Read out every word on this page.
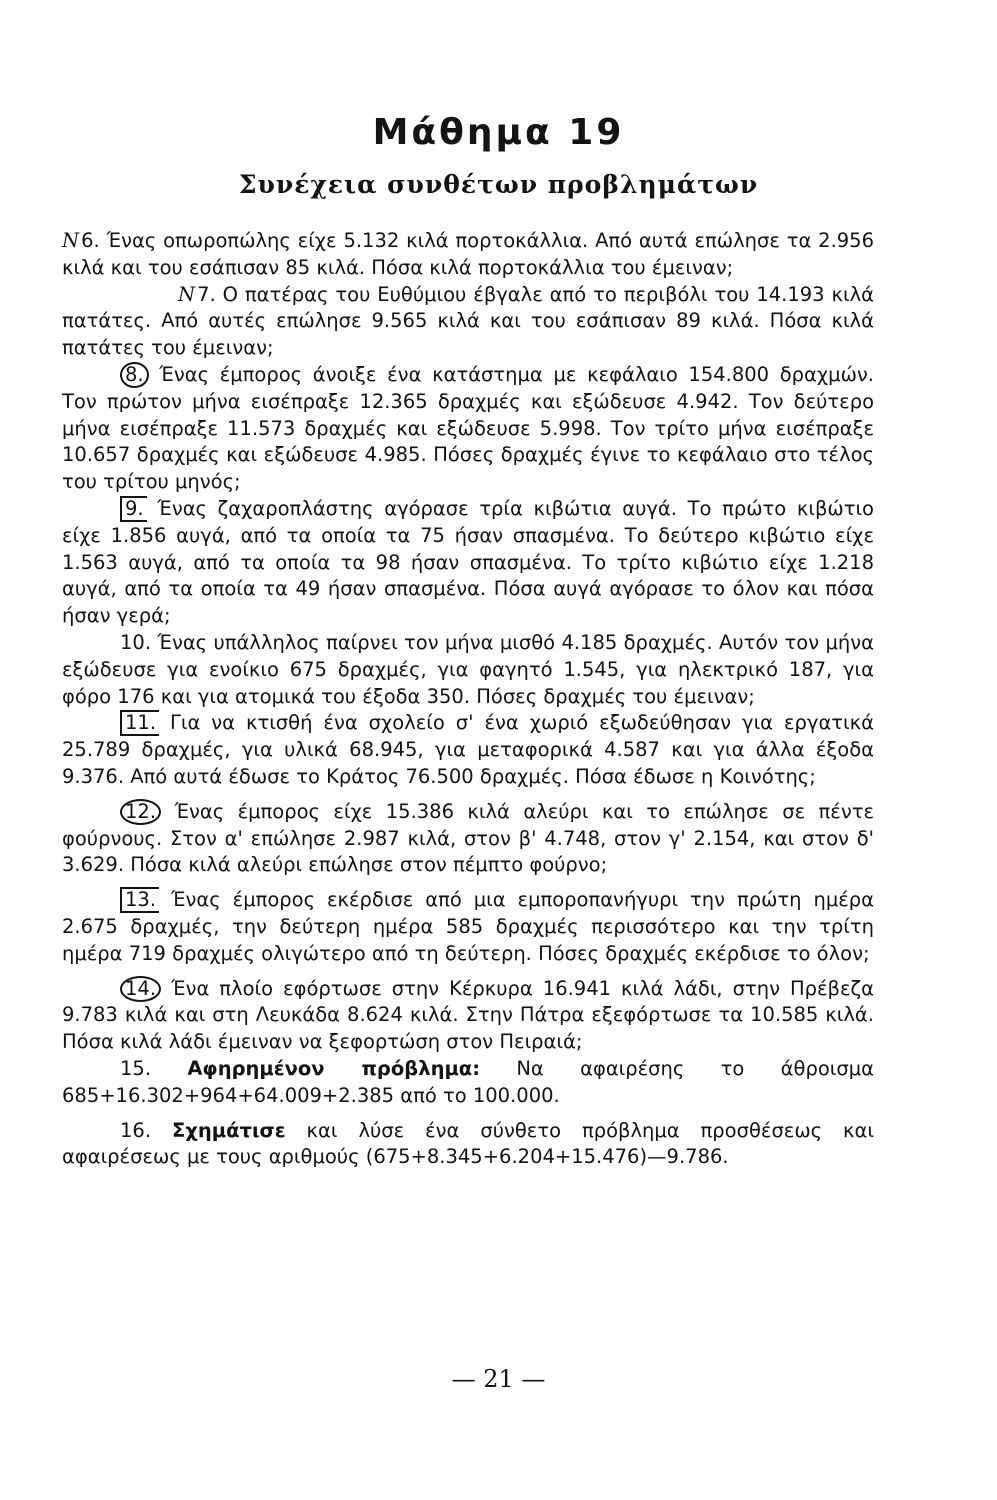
Μάθημα 19
Συνέχεια συνθέτων προβλημάτων

Ν 6. Ένας οπωροπώλης είχε 5.132 κιλά πορτοκάλλια. Από αυτά επώλησε τα 2.956 κιλά και του εσάπισαν 85 κιλά. Πόσα κιλά πορτοκάλλια του έμειναν;

Ν 7. Ο πατέρας του Ευθύμιου έβγαλε από το περιβόλι του 14.193 κιλά πατάτες. Από αυτές επώλησε 9.565 κιλά και του εσάπισαν 89 κιλά. Πόσα κιλά πατάτες του έμειναν;

8. Ένας έμπορος άνοιξε ένα κατάστημα με κεφάλαιο 154.800 δραχμών. Τον πρώτον μήνα εισέπραξε 12.365 δραχμές και εξώδευσε 4.942. Τον δεύτερο μήνα εισέπραξε 11.573 δραχμές και εξώδευσε 5.998. Τον τρίτο μήνα εισέπραξε 10.657 δραχμές και εξώδευσε 4.985. Πόσες δραχμές έγινε το κεφάλαιο στο τέλος του τρίτου μηνός;

9. Ένας ζαχαροπλάστης αγόρασε τρία κιβώτια αυγά. Το πρώτο κιβώτιο είχε 1.856 αυγά, από τα οποία τα 75 ήσαν σπασμένα. Το δεύτερο κιβώτιο είχε 1.563 αυγά, από τα οποία τα 98 ήσαν σπασμένα. Το τρίτο κιβώτιο είχε 1.218 αυγά, από τα οποία τα 49 ήσαν σπασμένα. Πόσα αυγά αγόρασε το όλον και πόσα ήσαν γερά;

10. Ένας υπάλληλος παίρνει τον μήνα μισθό 4.185 δραχμές. Αυτόν τον μήνα εξώδευσε για ενοίκιο 675 δραχμές, για φαγητό 1.545, για ηλεκτρικό 187, για φόρο 176 και για ατομικά του έξοδα 350. Πόσες δραχμές του έμειναν;

11. Για να κτισθή ένα σχολείο σ' ένα χωριό εξωδεύθησαν για εργατικά 25.789 δραχμές, για υλικά 68.945, για μεταφορικά 4.587 και για άλλα έξοδα 9.376. Από αυτά έδωσε το Κράτος 76.500 δραχμές. Πόσα έδωσε η Κοινότης;

12. Ένας έμπορος είχε 15.386 κιλά αλεύρι και το επώλησε σε πέντε φούρνους. Στον α' επώλησε 2.987 κιλά, στον β' 4.748, στον γ' 2.154, και στον δ' 3.629. Πόσα κιλά αλεύρι επώλησε στον πέμπτο φούρνο;

13. Ένας έμπορος εκέρδισε από μια εμποροπανήγυρι την πρώτη ημέρα 2.675 δραχμές, την δεύτερη ημέρα 585 δραχμές περισσότερο και την τρίτη ημέρα 719 δραχμές ολιγώτερο από τη δεύτερη. Πόσες δραχμές εκέρδισε το όλον;

14. Ένα πλοίο εφόρτωσε στην Κέρκυρα 16.941 κιλά λάδι, στην Πρέβεζα 9.783 κιλά και στη Λευκάδα 8.624 κιλά. Στην Πάτρα εξεφόρτωσε τα 10.585 κιλά. Πόσα κιλά λάδι έμειναν να ξεφορτώση στον Πειραιά;

15. Αφηρημένον πρόβλημα: Να αφαιρέσης το άθροισμα 685+16.302+964+64.009+2.385 από το 100.000.

16. Σχημάτισε και λύσε ένα σύνθετο πρόβλημα προσθέσεως και αφαιρέσεως με τους αριθμούς (675+8.345+6.204+15.476)—9.786.

— 21 —
